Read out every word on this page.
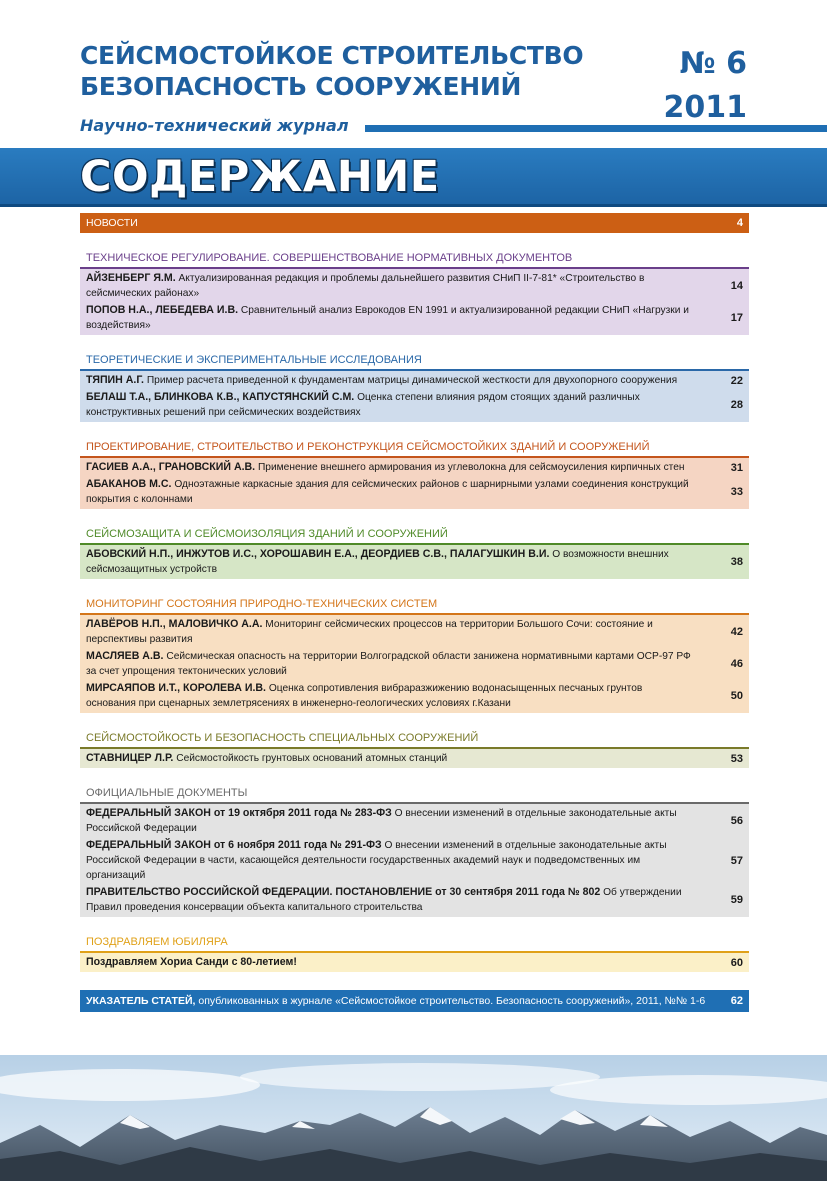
СЕЙСМОСТОЙКОЕ СТРОИТЕЛЬСТВО
БЕЗОПАСНОСТЬ СООРУЖЕНИЙ
№ 6
2011
Научно-технический журнал
СОДЕРЖАНИЕ
НОВОСТИ	4
ТЕХНИЧЕСКОЕ РЕГУЛИРОВАНИЕ. СОВЕРШЕНСТВОВАНИЕ НОРМАТИВНЫХ ДОКУМЕНТОВ
АЙЗЕНБЕРГ Я.М. Актуализированная редакция и проблемы дальнейшего развития СНиП II-7-81* «Строительство в сейсмических районах»
14
ПОПОВ Н.А., ЛЕБЕДЕВА И.В. Сравнительный анализ Еврокодов EN 1991 и актуализированной редакции СНиП «Нагрузки и воздействия»
17
ТЕОРЕТИЧЕСКИЕ И ЭКСПЕРИМЕНТАЛЬНЫЕ ИССЛЕДОВАНИЯ
ТЯПИН А.Г. Пример расчета приведенной к фундаментам матрицы динамической жесткости для двухопорного сооружения	22
БЕЛАШ Т.А., БЛИНКОВА К.В., КАПУСТЯНСКИЙ С.М. Оценка степени влияния рядом стоящих зданий различных конструктивных решений при сейсмических воздействиях
28
ПРОЕКТИРОВАНИЕ, СТРОИТЕЛЬСТВО И РЕКОНСТРУКЦИЯ СЕЙСМОСТОЙКИХ ЗДАНИЙ И СООРУЖЕНИЙ
ГАСИЕВ А.А., ГРАНОВСКИЙ А.В. Применение внешнего армирования из углеволокна для сейсмоусиления кирпичных стен	31
АБАКАНОВ М.С. Одноэтажные каркасные здания для сейсмических районов с шарнирными узлами соединения конструкций покрытия с колоннами
33
СЕЙСМОЗАЩИТА И СЕЙСМОИЗОЛЯЦИЯ ЗДАНИЙ И СООРУЖЕНИЙ
АБОВСКИЙ Н.П., ИНЖУТОВ И.С., ХОРОШАВИН Е.А., ДЕОРДИЕВ С.В., ПАЛАГУШКИН В.И. О возможности внешних сейсмозащитных устройств
38
МОНИТОРИНГ СОСТОЯНИЯ ПРИРОДНО-ТЕХНИЧЕСКИХ СИСТЕМ
ЛАВЁРОВ Н.П., МАЛОВИЧКО А.А. Мониторинг сейсмических процессов на территории Большого Сочи: состояние и перспективы развития
42
МАСЛЯЕВ А.В. Сейсмическая опасность на территории Волгоградской области занижена нормативными картами ОСР-97 РФ за счет упрощения тектонических условий
46
МИРСАЯПОВ И.Т., КОРОЛЕВА И.В. Оценка сопротивления вибраразжижению водонасыщенных песчаных грунтов основания при сценарных землетрясениях в инженерно-геологических условиях г.Казани
50
СЕЙСМОСТОЙКОСТЬ И БЕЗОПАСНОСТЬ СПЕЦИАЛЬНЫХ СООРУЖЕНИЙ
СТАВНИЦЕР Л.Р. Сейсмостойкость грунтовых оснований атомных станций	53
ОФИЦИАЛЬНЫЕ ДОКУМЕНТЫ
ФЕДЕРАЛЬНЫЙ ЗАКОН от 19 октября 2011 года № 283-ФЗ О внесении изменений в отдельные законодательные акты Российской Федерации
56
ФЕДЕРАЛЬНЫЙ ЗАКОН от 6 ноября 2011 года № 291-ФЗ О внесении изменений в отдельные законодательные акты Российской Федерации в части, касающейся деятельности государственных академий наук и подведомственных им организаций
57
ПРАВИТЕЛЬСТВО РОССИЙСКОЙ ФЕДЕРАЦИИ. ПОСТАНОВЛЕНИЕ от 30 сентября 2011 года № 802 Об утверждении Правил проведения консервации объекта капитального строительства
59
ПОЗДРАВЛЯЕМ ЮБИЛЯРА
Поздравляем Хориа Санди с 80-летием!	60
УКАЗАТЕЛЬ СТАТЕЙ, опубликованных в журнале «Сейсмостойкое строительство. Безопасность сооружений», 2011, №№ 1-6 62
